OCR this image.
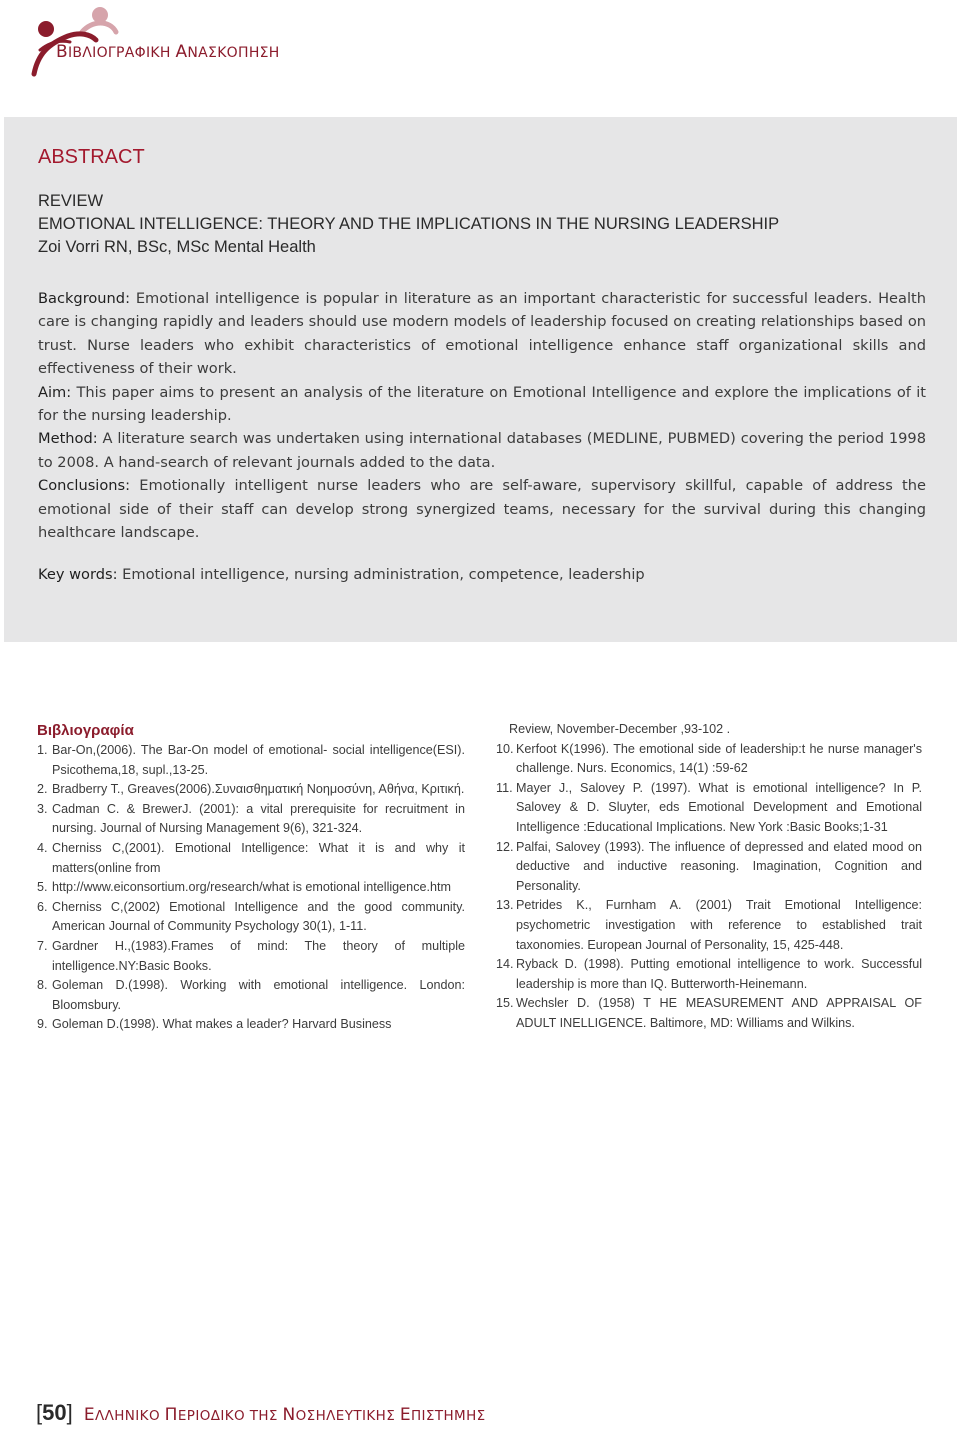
ΒΙΒΛΙΟΓΡΑΦΙΚΗ ΑΝΑΣΚΟΠΗΣΗ
ABSTRACT
REVIEW
EMOTIONAL INTELLIGENCE: THEORY AND THE IMPLICATIONS IN THE NURSING LEADERSHIP
Zoi Vorri RN, BSc, MSc Mental Health

Background: Emotional intelligence is popular in literature as an important characteristic for successful leaders. Health care is changing rapidly and leaders should use modern models of leadership focused on creating relationships based on trust. Nurse leaders who exhibit characteristics of emotional intelligence enhance staff organizational skills and effectiveness of their work.

Aim: This paper aims to present an analysis of the literature on Emotional Intelligence and explore the implications of it for the nursing leadership.

Method: A literature search was undertaken using international databases (MEDLINE, PUBMED) covering the period 1998 to 2008. A hand-search of relevant journals added to the data.

Conclusions: Emotionally intelligent nurse leaders who are self-aware, supervisory skillful, capable of address the emotional side of their staff can develop strong synergized teams, necessary for the survival during this changing healthcare landscape.

Key words: Emotional intelligence, nursing administration, competence, leadership
Βιβλιογραφία
1. Bar-On,(2006). The Bar-On model of emotional- social intelligence(ESI). Psicothema,18, supl.,13-25.
2. Bradberry T., Greaves(2006).Συναισθηματική Νοημοσύνη, Αθήνα, Κριτική.
3. Cadman C. & BrewerJ. (2001): a vital prerequisite for recruitment in nursing. Journal of Nursing Management 9(6), 321-324.
4. Cherniss C,(2001). Emotional Intelligence: What it is and why it matters(online from
5. http://www.eiconsortium.org/research/what is emotional intelligence.htm
6. Cherniss C,(2002) Emotional Intelligence and the good community. American Journal of Community Psychology 30(1), 1-11.
7. Gardner H.,(1983).Frames of mind: The theory of multiple intelligence.NY:Basic Books.
8. Goleman D.(1998). Working with emotional intelligence. London: Bloomsbury.
9. Goleman D.(1998). What makes a leader? Harvard Business
Review, November-December ,93-102 .
10. Kerfoot K(1996). The emotional side of leadership:t he nurse manager's challenge. Nurs. Economics, 14(1) :59-62
11. Mayer J., Salovey P. (1997). What is emotional intelligence? In P. Salovey & D. Sluyter, eds Emotional Development and Emotional Intelligence :Educational Implications. New York :Basic Books;1-31
12. Palfai, Salovey (1993). The influence of depressed and elated mood on deductive and inductive reasoning. Imagination, Cognition and Personality.
13. Petrides K., Furnham A. (2001) Trait Emotional Intelligence: psychometric investigation with reference to established trait taxonomies. European Journal of Personality, 15, 425-448.
14. Ryback D. (1998). Putting emotional intelligence to work. Successful leadership is more than IQ. Butterworth-Heinemann.
15. Wechsler D. (1958) T HE MEASUREMENT AND APPRAISAL OF ADULT INELLIGENCE. Baltimore, MD: Williams and Wilkins.
[50] ΕΛΛΗΝΙΚΟ ΠΕΡΙΟΔΙΚΟ ΤΗΣ ΝΟΣΗΛΕΥΤΙΚΗΣ ΕΠΙΣΤΗΜΗΣ
